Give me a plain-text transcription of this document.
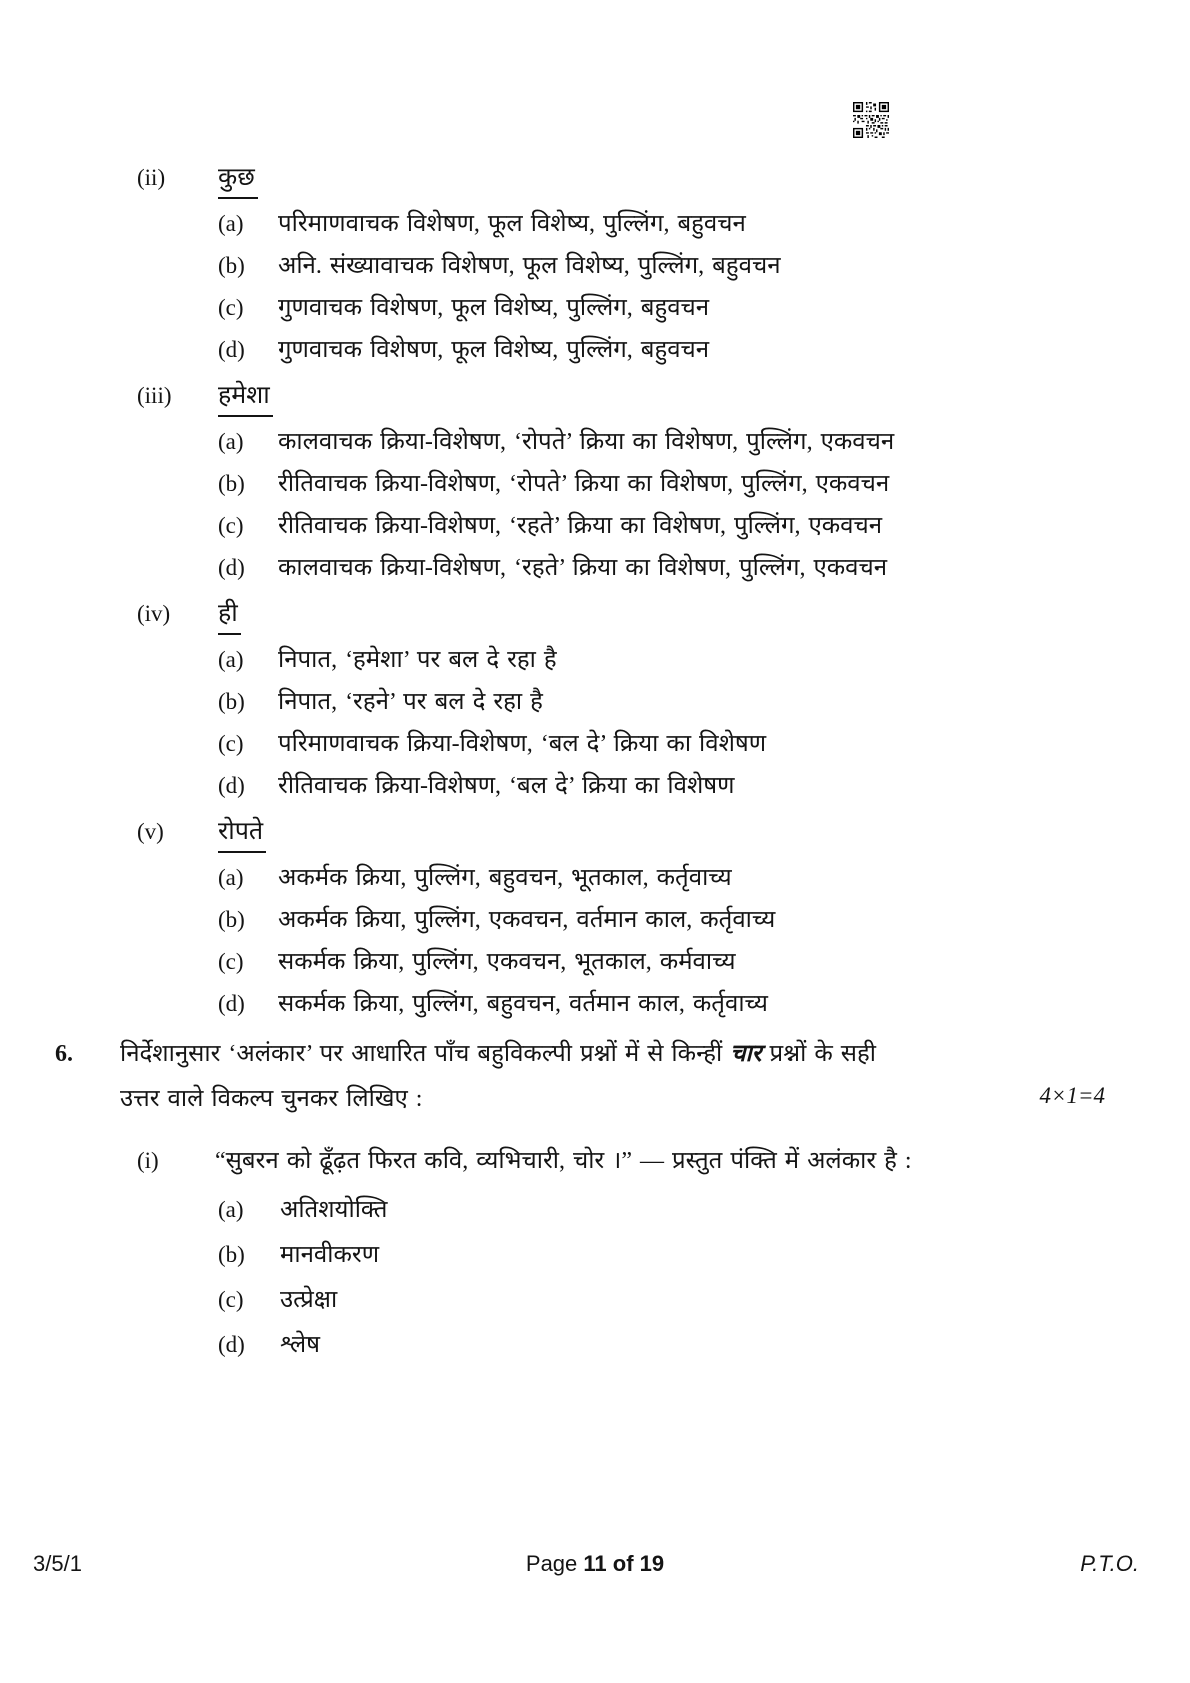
(ii)	कुछ
(a)	परिमाणवाचक विशेषण, फूल विशेष्य, पुल्लिंग, बहुवचन
(b)	अनि. संख्यावाचक विशेषण, फूल विशेष्य, पुल्लिंग, बहुवचन
(c)	गुणवाचक विशेषण, फूल विशेष्य, पुल्लिंग, बहुवचन
(d)	गुणवाचक विशेषण, फूल विशेष्य, पुल्लिंग, बहुवचन
(iii)	हमेशा
(a)	कालवाचक क्रिया-विशेषण, ‘रोपते’ क्रिया का विशेषण, पुल्लिंग, एकवचन
(b)	रीतिवाचक क्रिया-विशेषण, ‘रोपते’ क्रिया का विशेषण, पुल्लिंग, एकवचन
(c)	रीतिवाचक क्रिया-विशेषण, ‘रहते’ क्रिया का विशेषण, पुल्लिंग, एकवचन
(d)	कालवाचक क्रिया-विशेषण, ‘रहते’ क्रिया का विशेषण, पुल्लिंग, एकवचन
(iv)	ही
(a)	निपात, ‘हमेशा’ पर बल दे रहा है
(b)	निपात, ‘रहने’ पर बल दे रहा है
(c)	परिमाणवाचक क्रिया-विशेषण, ‘बल दे’ क्रिया का विशेषण
(d)	रीतिवाचक क्रिया-विशेषण, ‘बल दे’ क्रिया का विशेषण
(v)	रोपते
(a)	अकर्मक क्रिया, पुल्लिंग, बहुवचन, भूतकाल, कर्तृवाच्य
(b)	अकर्मक क्रिया, पुल्लिंग, एकवचन, वर्तमान काल, कर्तृवाच्य
(c)	सकर्मक क्रिया, पुल्लिंग, एकवचन, भूतकाल, कर्मवाच्य
(d)	सकर्मक क्रिया, पुल्लिंग, बहुवचन, वर्तमान काल, कर्तृवाच्य
6.	निर्देशानुसार ‘अलंकार’ पर आधारित पाँच बहुविकल्पी प्रश्नों में से किन्हीं चार प्रश्नों के सही
उत्तर वाले विकल्प चुनकर लिखिए :	4×1=4
(i)	“सुबरन को ढूँढ़त फिरत कवि, व्यभिचारी, चोर ।” — प्रस्तुत पंक्ति में अलंकार है :
(a)	अतिशयोक्ति
(b)	मानवीकरण
(c)	उत्प्रेक्षा
(d)	श्लेष
3/5/1	Page 11 of 19	P.T.O.
